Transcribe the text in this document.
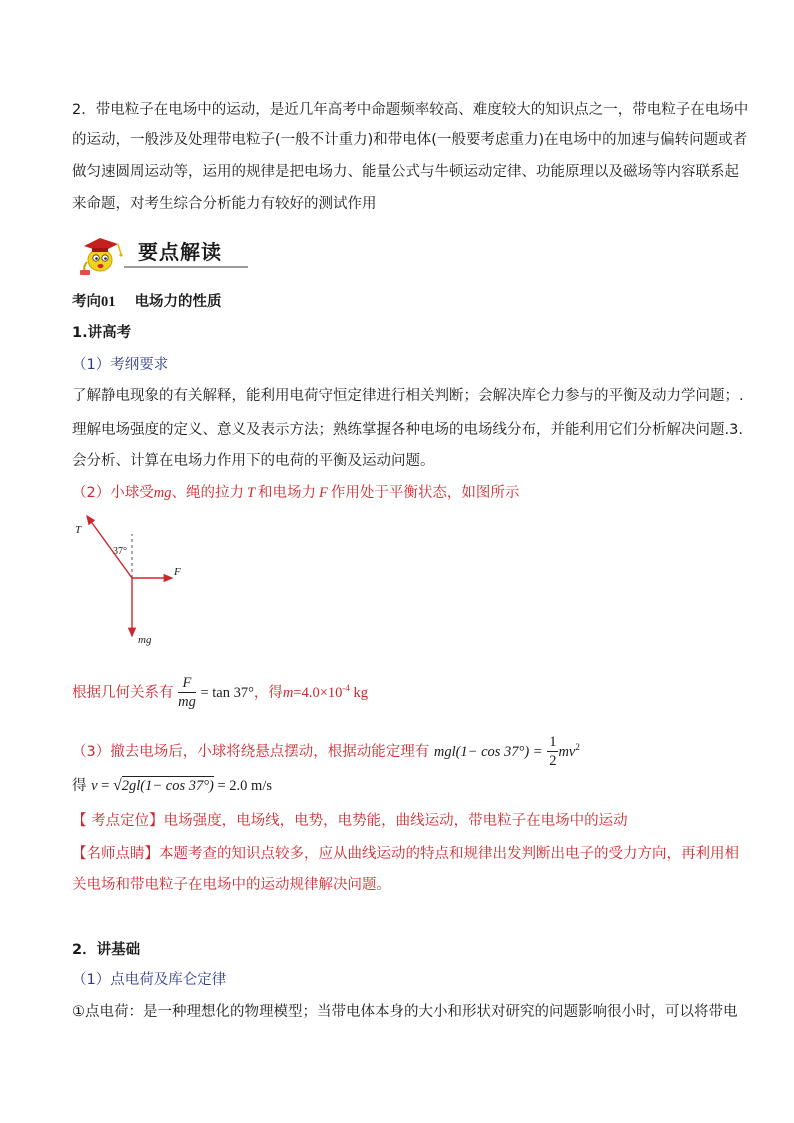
2．带电粒子在电场中的运动，是近几年高考中命题频率较高、难度较大的知识点之一，带电粒子在电场中
的运动，一般涉及处理带电粒子(一般不计重力)和带电体(一般要考虑重力)在电场中的加速与偏转问题或者
做匀速圆周运动等，运用的规律是把电场力、能量公式与牛顿运动定律、功能原理以及磁场等内容联系起
来命题，对考生综合分析能力有较好的测试作用
要点解读
考向01 电场力的性质
1.讲高考
（1）考纲要求
了解静电现象的有关解释，能利用电荷守恒定律进行相关判断；会解决库仑力参与的平衡及动力学问题；.
理解电场强度的定义、意义及表示方法；熟练掌握各种电场的电场线分布，并能利用它们分析解决问题.3.
会分析、计算在电场力作用下的电荷的平衡及运动问题。
（2）小球受mg、绳的拉力 T 和电场力 F 作用处于平衡状态，如图所示
T
37°
F
mg
根据几何关系有 $\frac{F}{mg} = \tan 37^\circ$，得$m=4.0\times 10^{-4}$ kg
（3）撤去电场后，小球将绕悬点摆动，根据动能定理有 $mgl(1- \cos 37^\circ) = \frac{1}{2} mv^2$
得 v = √2gl(1− cos 37°) = 2.0 m/s
【 考点定位】电场强度，电场线，电势，电势能，曲线运动，带电粒子在电场中的运动
【名师点睛】本题考查的知识点较多，应从曲线运动的特点和规律出发判断出电子的受力方向，再利用相
关电场和带电粒子在电场中的运动规律解决问题。
2．讲基础
（1）点电荷及库仑定律
①点电荷：是一种理想化的物理模型；当带电体本身的大小和形状对研究的问题影响很小时，可以将带电
